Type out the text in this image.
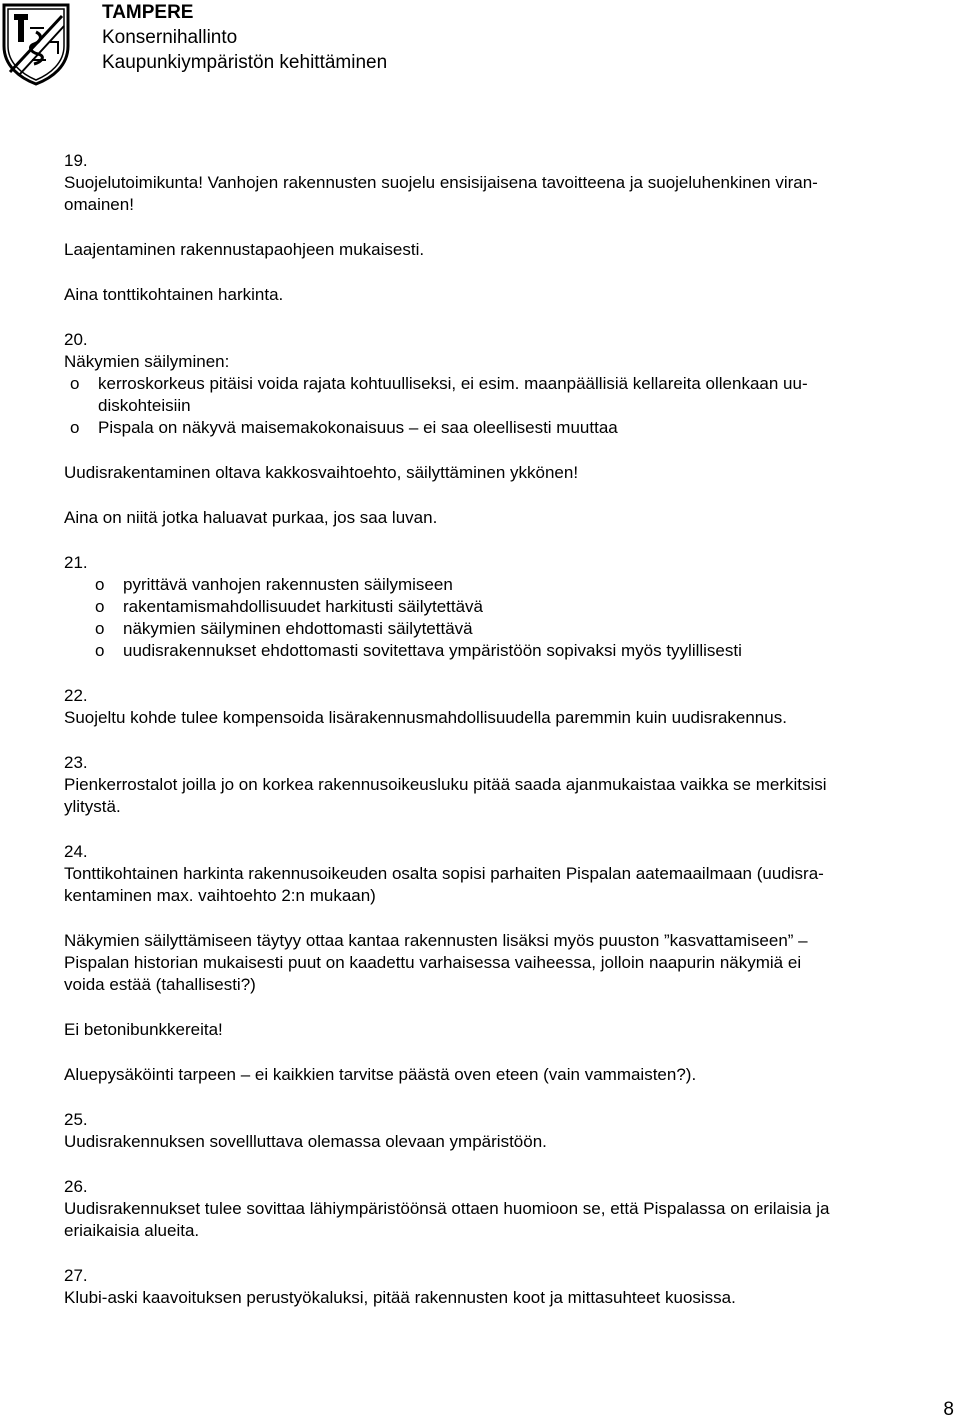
TAMPERE
Konsernihallinto
Kaupunkiympäristön kehittäminen

19.

Suojelutoimikunta! Vanhojen rakennusten suojelu ensisijaisena tavoitteena ja suojeluhenkinen viran-

omainen!

Laajentaminen rakennustapaohjeen mukaisesti.

Aina tonttikohtainen harkinta.

20.

Näkymien säilyminen:

o	kerroskorkeus pitäisi voida rajata kohtuulliseksi, ei esim. maanpäällisiä kellareita ollenkaan uu-
diskohteisiin
o	Pispala on näkyvä maisemakokonaisuus – ei saa oleellisesti muuttaa

Uudisrakentaminen oltava kakkosvaihtoehto, säilyttäminen ykkönen!

Aina on niitä jotka haluavat purkaa, jos saa luvan.

21.

o	pyrittävä vanhojen rakennusten säilymiseen
o	rakentamismahdollisuudet harkitusti säilytettävä
o	näkymien säilyminen ehdottomasti säilytettävä
o	uudisrakennukset ehdottomasti sovitettava ympäristöön sopivaksi myös tyylillisesti

22.

Suojeltu kohde tulee kompensoida lisärakennusmahdollisuudella paremmin kuin uudisrakennus.

23.

Pienkerrostalot joilla jo on korkea rakennusoikeusluku pitää saada ajanmukaistaa vaikka se merkitsisi

ylitystä.

24.

Tonttikohtainen harkinta rakennusoikeuden osalta sopisi parhaiten Pispalan aatemaailmaan (uudisra-

kentaminen max. vaihtoehto 2:n mukaan)

Näkymien säilyttämiseen täytyy ottaa kantaa rakennusten lisäksi myös puuston ”kasvattamiseen” –

Pispalan historian mukaisesti puut on kaadettu varhaisessa vaiheessa, jolloin naapurin näkymiä ei

voida estää (tahallisesti?)

Ei betonibunkkereita!

Aluepysäköinti tarpeen – ei kaikkien tarvitse päästä oven eteen (vain vammaisten?).

25.

Uudisrakennuksen sovellluttava olemassa olevaan ympäristöön.

26.

Uudisrakennukset tulee sovittaa lähiympäristöönsä ottaen huomioon se, että Pispalassa on erilaisia ja

eriaikaisia alueita.

27.

Klubi-aski kaavoituksen perustyökaluksi, pitää rakennusten koot ja mittasuhteet kuosissa.

8
